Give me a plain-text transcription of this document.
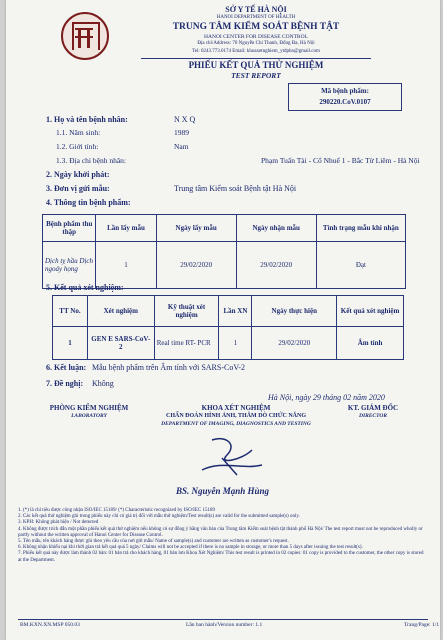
SỞ Y TẾ HÀ NỘI
HANOI DEPARTMENT OF HEALTH
TRUNG TÂM KIỂM SOÁT BỆNH TẬT
HANOI CENTER FOR DISEASE CONTROL
Địa chỉ/Address: 70 Nguyễn Chí Thanh, Đống Đa, Hà Nội
Tel: 0243.773.0174 Email: khoaxetnghiem_ytdphn@gmail.com
PHIẾU KẾT QUẢ THỬ NGHIỆM
TEST REPORT
Mã bệnh phẩm:
290220.CoV.0107
1. Họ và tên bệnh nhân:	N X Q
1.1. Năm sinh:	1989
1.2. Giới tính:	Nam
1.3. Địa chỉ bệnh nhân:	Phạm Tuấn Tài - Cổ Nhuế 1 - Bắc Từ Liêm - Hà Nội
2. Ngày khởi phát:
3. Đơn vị gửi mẫu:	Trung tâm Kiểm soát Bệnh tật Hà Nội
4. Thông tin bệnh phẩm:
Bệnh phẩm thu thập	Lần lấy mẫu	Ngày lấy mẫu	Ngày nhận mẫu	Tình trạng mẫu khi nhận
Dịch tỵ hầu Dịch ngoáy họng	1	29/02/2020	29/02/2020	Đạt
5. Kết quả xét nghiệm:
TT No.	Xét nghiệm	Kỹ thuật xét nghiệm	Lần XN	Ngày thực hiện	Kết quả xét nghiệm
1	GEN E SARS-CoV-2	Real time RT- PCR	1	29/02/2020	Âm tính
6. Kết luận: Mẫu bệnh phẩm trên Âm tính với SARS-CoV-2
7. Đề nghị: Không
Hà Nội, ngày 29 tháng 02 năm 2020
PHÒNG KIỂM NGHIỆM
LABORATORY
KHOA XÉT NGHIỆM
CHẨN ĐOÁN HÌNH ẢNH, THĂM DÒ CHỨC NĂNG
DEPARTMENT OF IMAGING, DIAGNOSTICS AND TESTING
KT. GIÁM ĐỐC
DIRECTOR
BS. Nguyễn Mạnh Hùng
1. (*) là chỉ tiêu được công nhận ISO/IEC 15189/ (*) Characteristic recognized by ISO/IEC 15189
2. Các kết quả thử nghiệm ghi trong phiếu này chỉ có giá trị đối với mẫu thử nghiệm/Test result(s) are valid for the submitted sample(s) only.
3. KPH: Không phát hiện / Not detected
4. Không được trích dẫn một phần phiếu kết quả thử nghiệm nếu không có sự đồng ý bằng văn bản của Trung tâm Kiểm soát bệnh tật thành phố Hà Nội/ The test report must not be reproduced wholly or partly without the written approval of Hanoi Center for Disease Control.
5. Tên mẫu, tên khách hàng được ghi theo yêu cầu của nơi gửi mẫu/ Name of sample(s) and customer are written as customer's request.
6. Không nhận khiếu nại khi thời gian trả kết quả quá 5 ngày/ Claims will not be accepted if there is no sample in storage, or more than 5 days after issuing the test result(s).
7. Phiếu kết quả này được làm thành 02 bản: 01 bản trả cho khách hàng, 01 bản lưu Khoa Xét Nghiệm/ This test result is printed in 02 copies: 01 copy is provided to the customer, the other copy is stored at the Department.
BM.KXN.XN.MSP 050.03	Lần ban hành/Version number: 1.1	Trang/Page: 1/1
